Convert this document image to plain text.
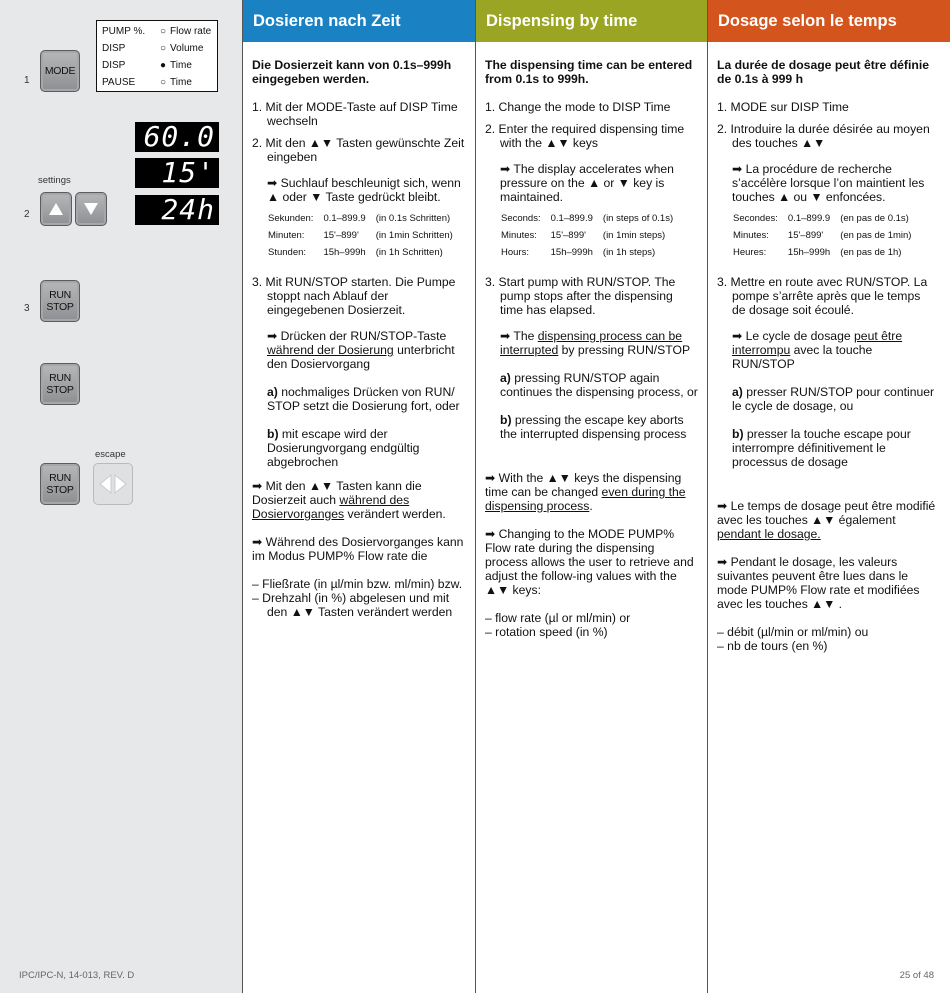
1
MODE
PUMP %.	○	Flow rate
DISP	○	Volume
DISP	●	Time
PAUSE	○	Time
60.0
15'
24h
settings
2
3
RUN
STOP
RUN
STOP
escape
RUN
STOP
IPC/IPC-N, 14-013, REV. D
Dosieren nach Zeit	Dispensing by time	Dosage selon le temps

Die Dosierzeit kann von 0.1s–999h eingegeben werden.

1. Mit der MODE-Taste auf DISP Time wechseln

2. Mit den ▲▼ Tasten gewünschte Zeit eingeben

➡ Suchlauf beschleunigt sich, wenn ▲ oder ▼ Taste gedrückt bleibt.

Sekunden:	0.1–899.9	(in 0.1s Schritten)
Minuten:	15'–899'	(in 1min Schritten)
Stunden:	15h–999h	(in 1h Schritten)

3. Mit RUN/STOP starten. Die Pumpe stoppt nach Ablauf der eingegebenen Dosierzeit.

➡ Drücken der RUN/STOP-Taste während der Dosierung unterbricht den Dosiervorgang

a) nochmaliges Drücken von RUN/ STOP setzt die Dosierung fort, oder

b) mit escape wird der Dosierungvorgang endgültig abgebrochen

➡ Mit den ▲▼ Tasten kann die Dosierzeit auch während des Dosiervorganges verändert werden.

➡ Während des Dosiervorganges kann im Modus PUMP% Flow rate die

– Fließrate (in µl/min bzw. ml/min) bzw.

– Drehzahl (in %) abgelesen und mit den ▲▼ Tasten verändert werden

The dispensing time can be entered from 0.1s to 999h.

1. Change the mode to DISP Time

2. Enter the required dispensing time with the ▲▼ keys

➡ The display accelerates when pressure on the ▲ or ▼ key is maintained.

Seconds:	0.1–899.9	(in steps of 0.1s)
Minutes:	15'–899'	(in 1min steps)
Hours:	15h–999h	(in 1h steps)

3. Start pump with RUN/STOP. The pump stops after the dispensing time has elapsed.

➡ The dispensing process can be interrupted by pressing RUN/STOP

a) pressing RUN/STOP again continues the dispensing process, or

b) pressing the escape key aborts the interrupted dispensing process

➡ With the ▲▼ keys the dispensing time can be changed even during the dispensing process.

➡ Changing to the MODE PUMP% Flow rate during the dispensing process allows the user to retrieve and adjust the follow-ing values with the ▲▼ keys:

– flow rate (µl or ml/min) or

– rotation speed (in %)

La durée de dosage peut être définie de 0.1s à 999 h

1. MODE sur DISP Time

2. Introduire la durée désirée au moyen des touches ▲▼

➡ La procédure de recherche s’accélère lorsque l’on maintient les touches ▲ ou ▼ enfoncées.

Secondes:	0.1–899.9	(en pas de 0.1s)
Minutes:	15'–899'	(en pas de 1min)
Heures:	15h–999h	(en pas de 1h)

3. Mettre en route avec RUN/STOP. La pompe s’arrête après que le temps de dosage soit écoulé.

➡ Le cycle de dosage peut être interrompu avec la touche RUN/STOP

a) presser RUN/STOP pour continuer le cycle de dosage, ou

b) presser la touche escape pour interrompre définitivement le processus de dosage

➡ Le temps de dosage peut être modifié avec les touches ▲▼ également pendant le dosage.

➡ Pendant le dosage, les valeurs suivantes peuvent être lues dans le mode PUMP% Flow rate et modifiées avec les touches ▲▼ .

– débit (µl/min or ml/min) ou

– nb de tours (en %)

25 of 48
